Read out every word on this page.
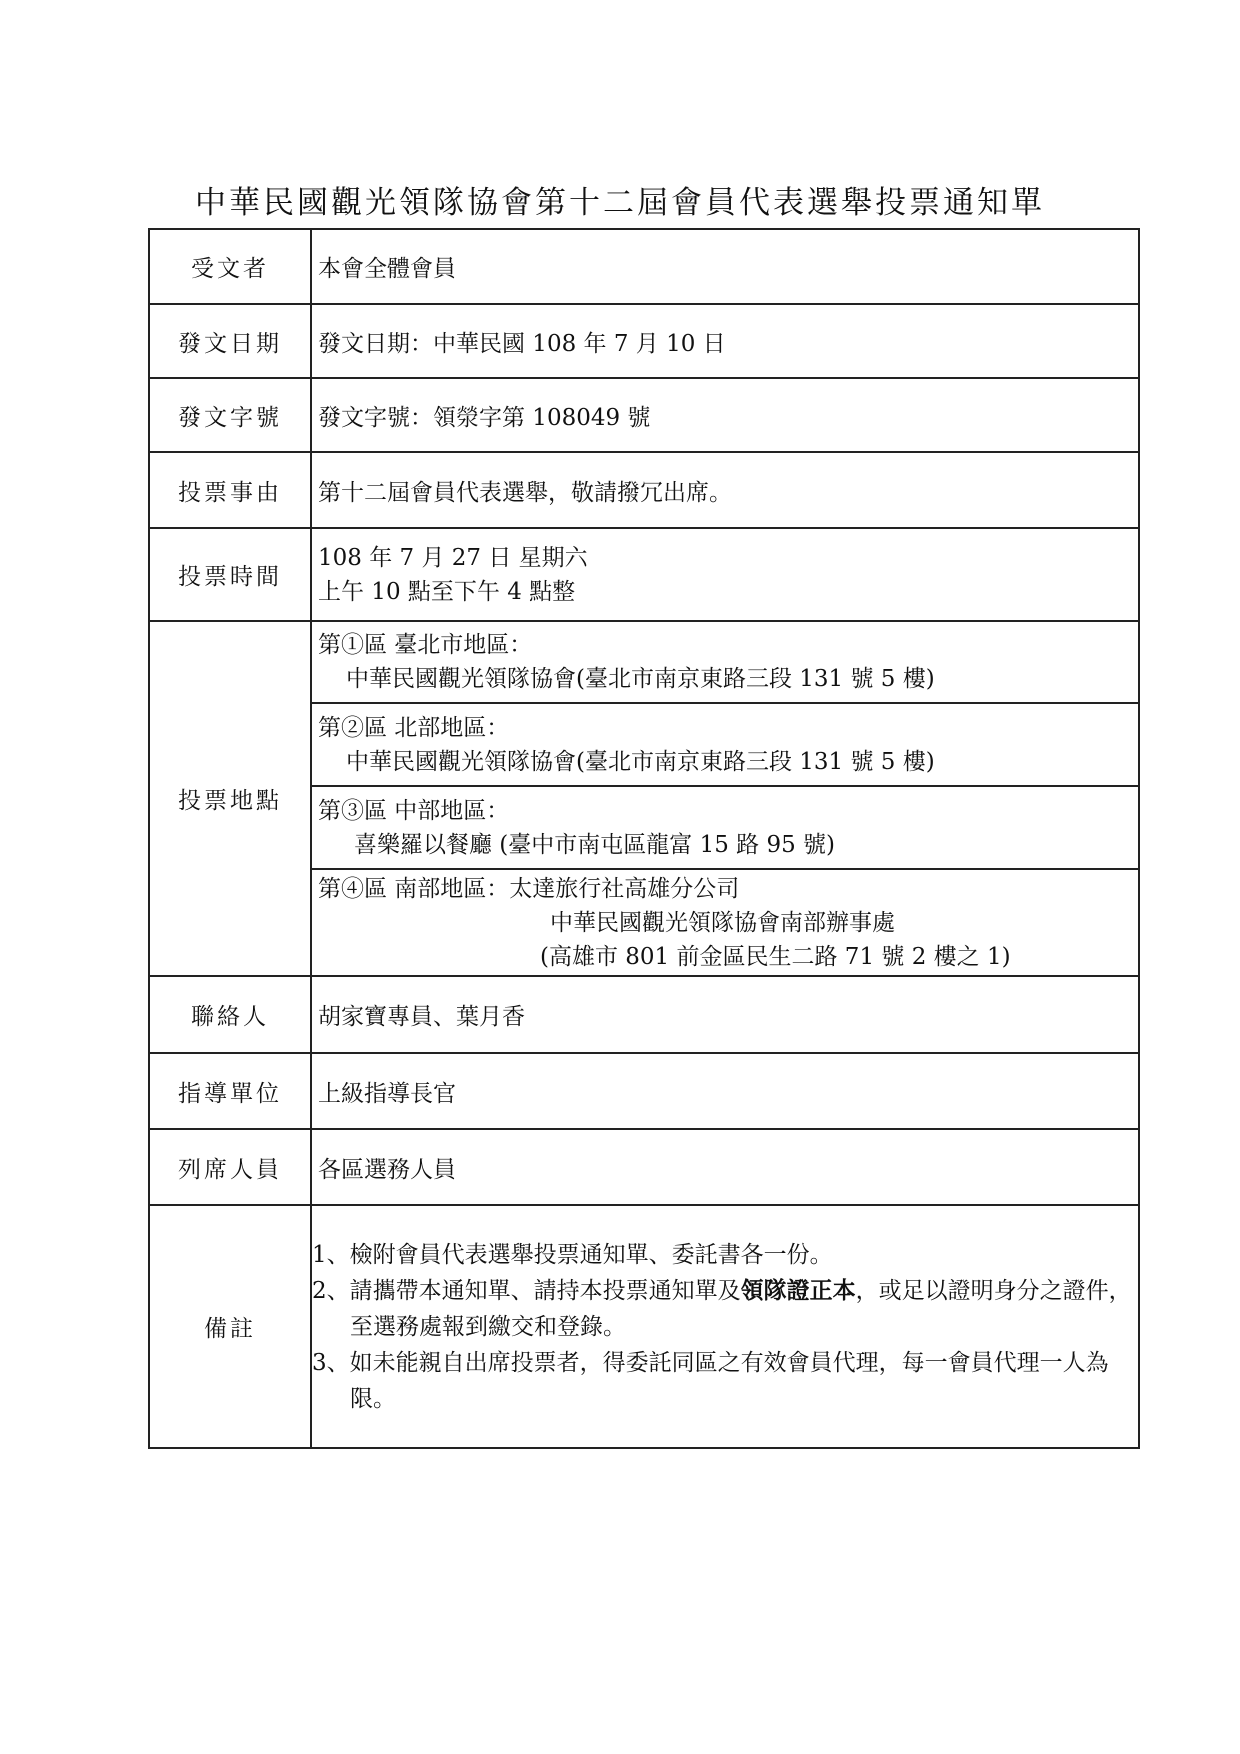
中華民國觀光領隊協會第十二屆會員代表選舉投票通知單
受文者	本會全體會員
發文日期	發文日期：中華民國 108 年 7 月 10 日
發文字號	發文字號：領滎字第 108049 號
投票事由	第十二屆會員代表選舉，敬請撥冗出席。
投票時間	108 年 7 月 27 日 星期六
上午 10 點至下午 4 點整

投票地點	第①區 臺北市地區：
中華民國觀光領隊協會(臺北市南京東路三段 131 號 5 樓)

	第②區 北部地區：
中華民國觀光領隊協會(臺北市南京東路三段 131 號 5 樓)

	第③區 中部地區：
喜樂羅以餐廳 (臺中市南屯區龍富 15 路 95 號)

	第④區 南部地區：太達旅行社高雄分公司
中華民國觀光領隊協會南部辦事處
(高雄市 801 前金區民生二路 71 號 2 樓之 1)

聯絡人	胡家寶專員、葉月香
指導單位	上級指導長官
列席人員	各區選務人員
備註	1、檢附會員代表選舉投票通知單、委託書各一份。

2、請攜帶本通知單、請持本投票通知單及領隊證正本，或足以證明身分之證件，至選務處報到繳交和登錄。

3、如未能親自出席投票者，得委託同區之有效會員代理，每一會員代理一人為限。
